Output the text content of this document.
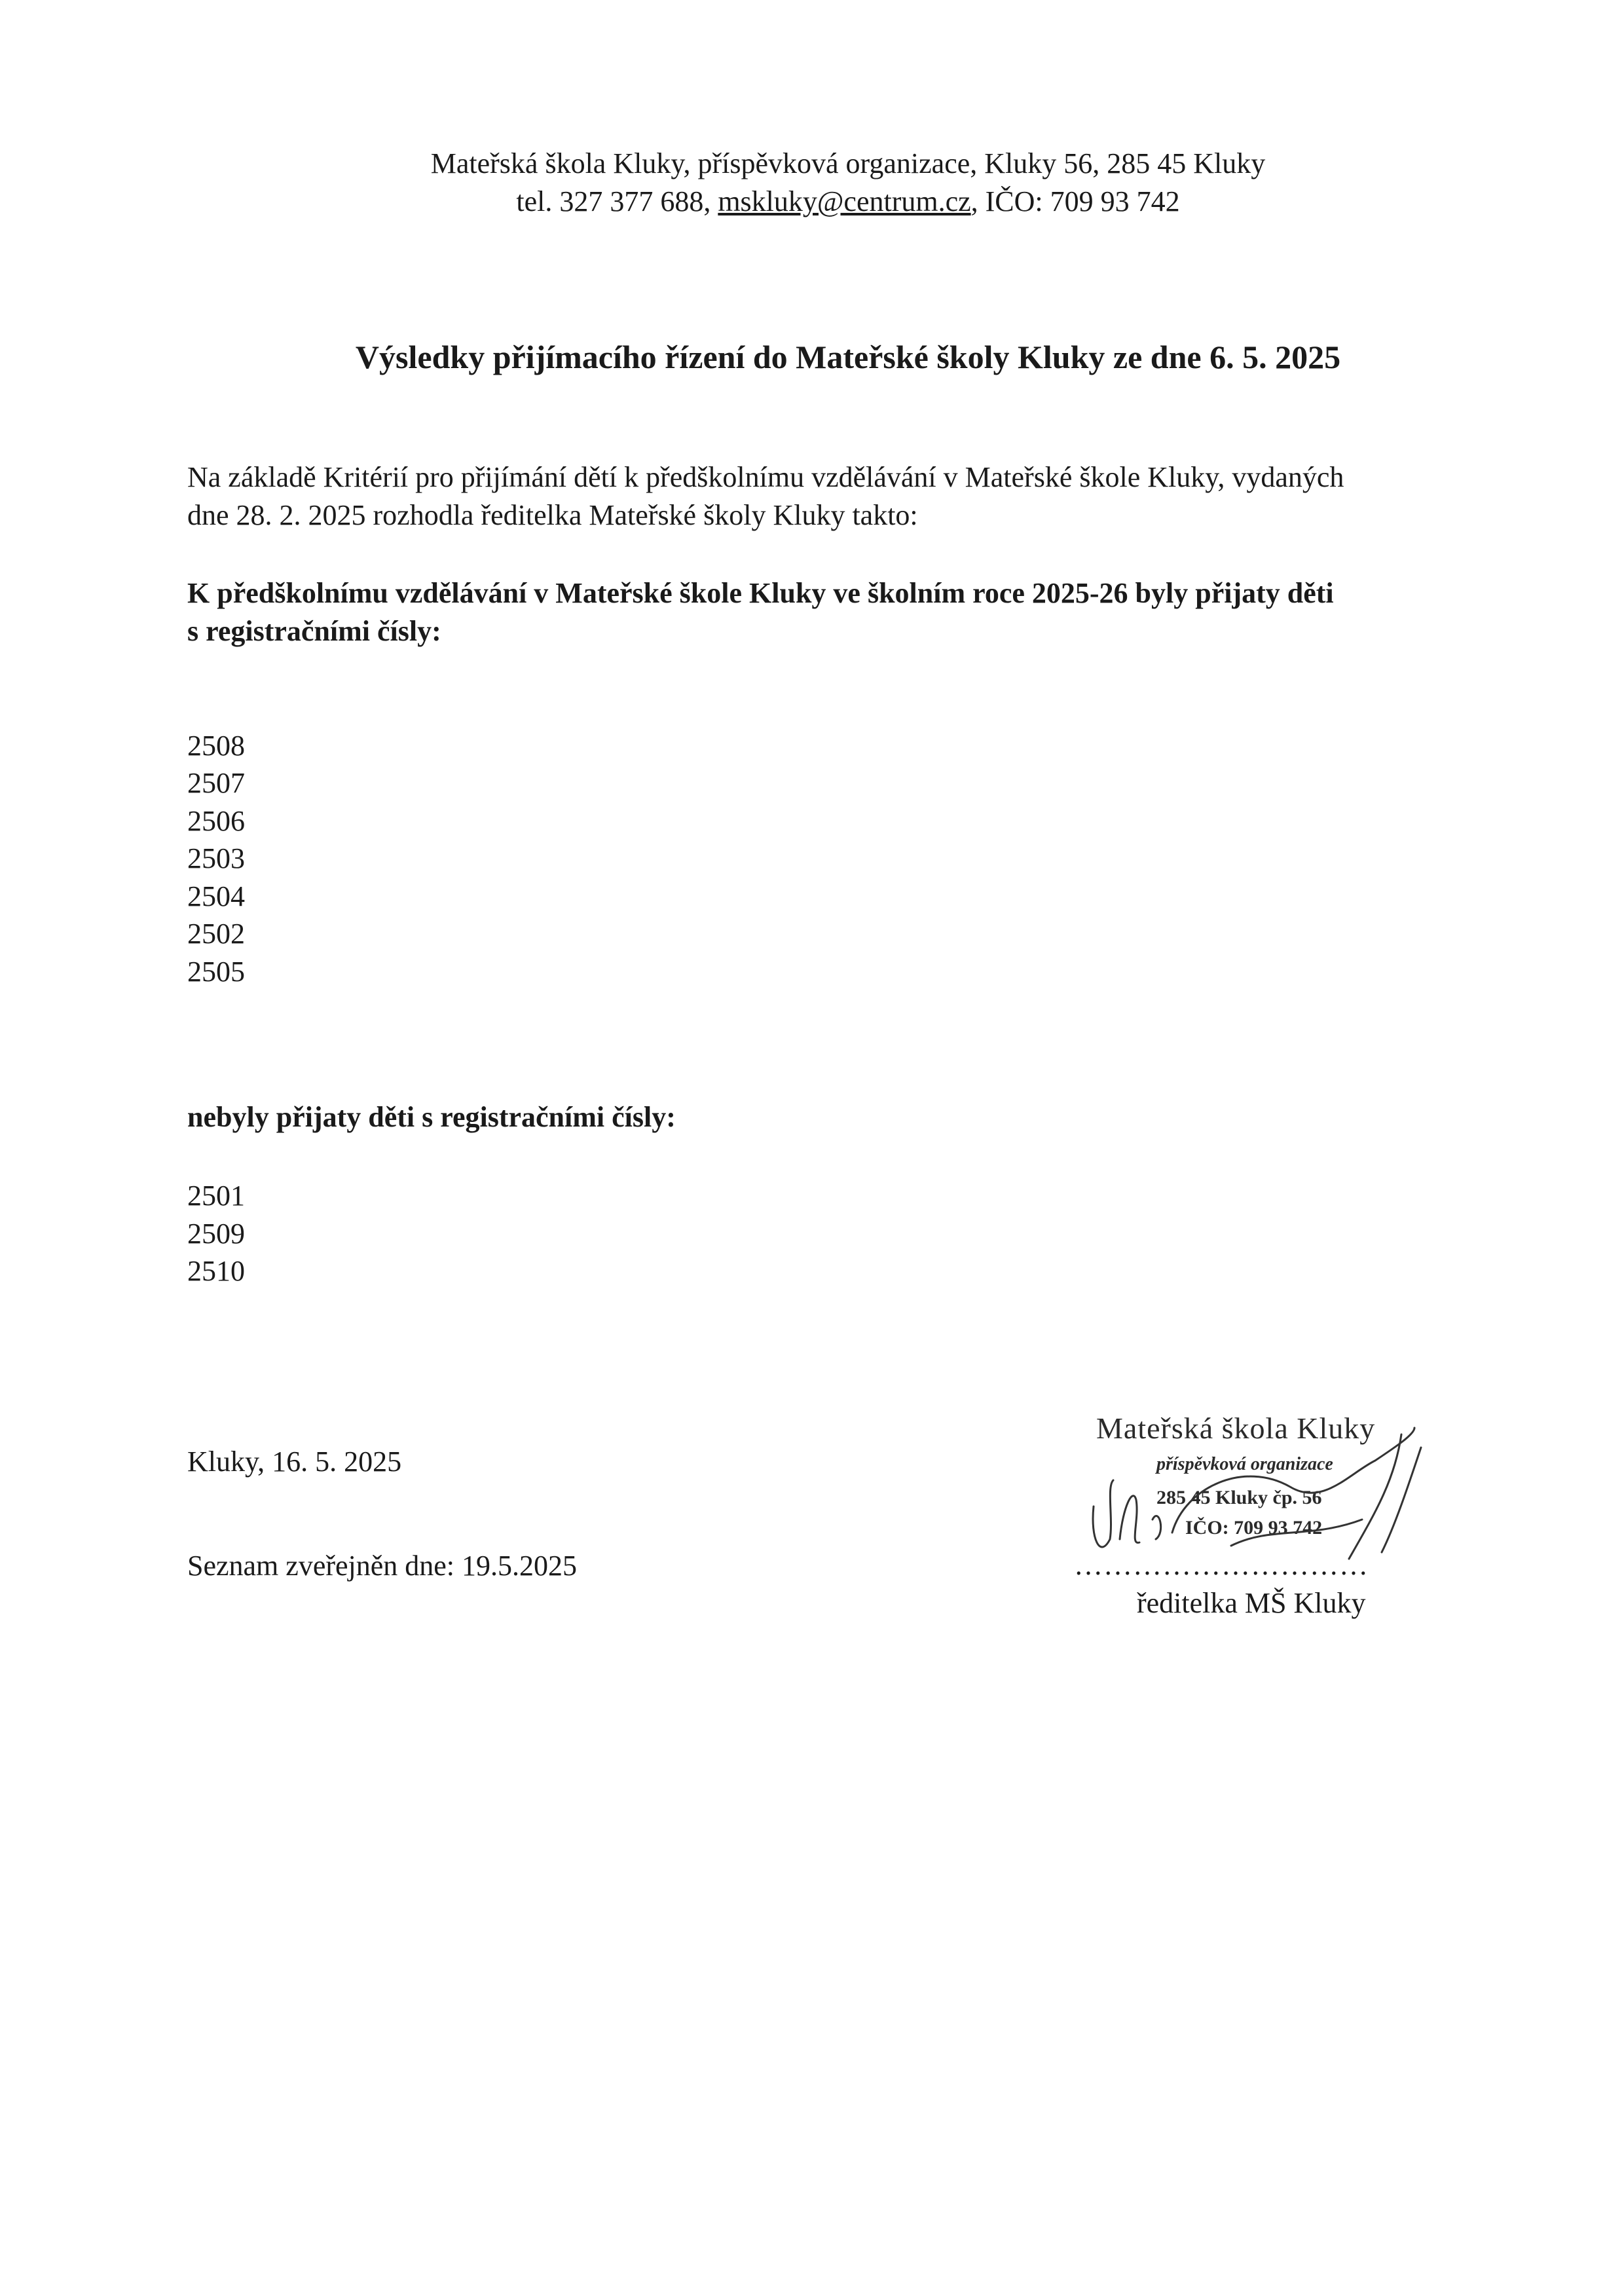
Mateřská škola Kluky, příspěvková organizace, Kluky 56, 285 45 Kluky
tel. 327 377 688, mskluky@centrum.cz, IČO: 709 93 742
Výsledky přijímacího řízení do Mateřské školy Kluky ze dne 6. 5. 2025
Na základě Kritérií pro přijímání dětí k předškolnímu vzdělávání v Mateřské škole Kluky, vydaných
dne 28. 2. 2025 rozhodla ředitelka Mateřské školy Kluky takto:
K předškolnímu vzdělávání v Mateřské škole Kluky ve školním roce 2025-26 byly přijaty děti
s registračními čísly:
2508
2507
2506
2503
2504
2502
2505
nebyly přijaty děti s registračními čísly:
2501
2509
2510
Kluky, 16. 5. 2025
Seznam zveřejněn dne: 19.5.2025
Mateřská škola Kluky
příspěvková organizace
285 45 Kluky čp. 56
IČO: 709 93 742
…………………………
ředitelka MŠ Kluky
